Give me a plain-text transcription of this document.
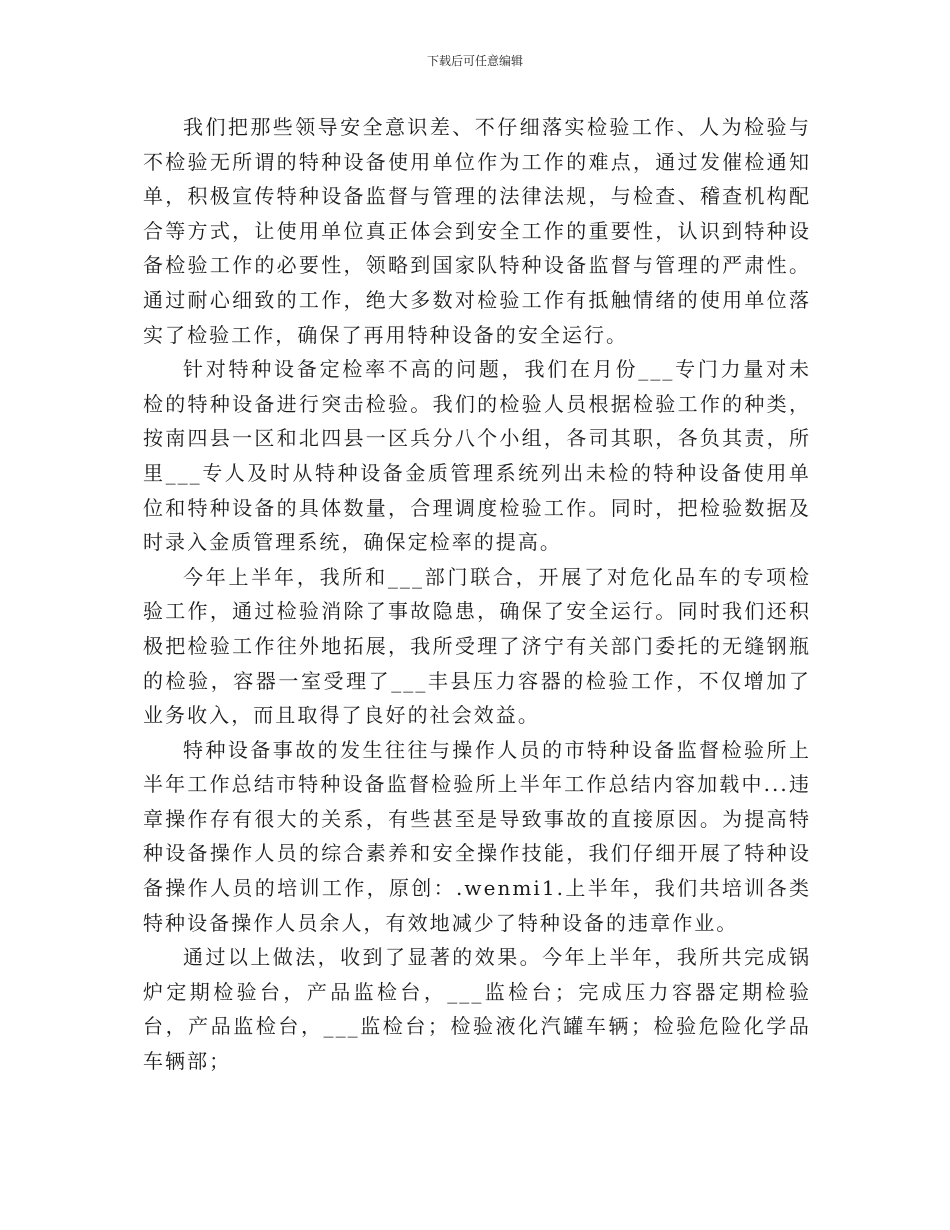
下载后可任意编辑

我们把那些领导安全意识差、不仔细落实检验工作、人为检验与不检验无所谓的特种设备使用单位作为工作的难点，通过发催检通知单，积极宣传特种设备监督与管理的法律法规，与检查、稽查机构配合等方式，让使用单位真正体会到安全工作的重要性，认识到特种设备检验工作的必要性，领略到国家队特种设备监督与管理的严肃性。通过耐心细致的工作，绝大多数对检验工作有抵触情绪的使用单位落实了检验工作，确保了再用特种设备的安全运行。

针对特种设备定检率不高的问题，我们在月份___专门力量对未检的特种设备进行突击检验。我们的检验人员根据检验工作的种类，按南四县一区和北四县一区兵分八个小组，各司其职，各负其责，所里___专人及时从特种设备金质管理系统列出未检的特种设备使用单位和特种设备的具体数量，合理调度检验工作。同时，把检验数据及时录入金质管理系统，确保定检率的提高。

今年上半年，我所和___部门联合，开展了对危化品车的专项检验工作，通过检验消除了事故隐患，确保了安全运行。同时我们还积极把检验工作往外地拓展，我所受理了济宁有关部门委托的无缝钢瓶的检验，容器一室受理了___丰县压力容器的检验工作，不仅增加了业务收入，而且取得了良好的社会效益。

特种设备事故的发生往往与操作人员的市特种设备监督检验所上半年工作总结市特种设备监督检验所上半年工作总结内容加载中...违章操作存有很大的关系，有些甚至是导致事故的直接原因。为提高特种设备操作人员的综合素养和安全操作技能，我们仔细开展了特种设备操作人员的培训工作，原创：.wenmi1.上半年，我们共培训各类特种设备操作人员余人，有效地减少了特种设备的违章作业。

通过以上做法，收到了显著的效果。今年上半年，我所共完成锅炉定期检验台，产品监检台，___监检台；完成压力容器定期检验台，产品监检台，___监检台；检验液化汽罐车辆；检验危险化学品车辆部；
